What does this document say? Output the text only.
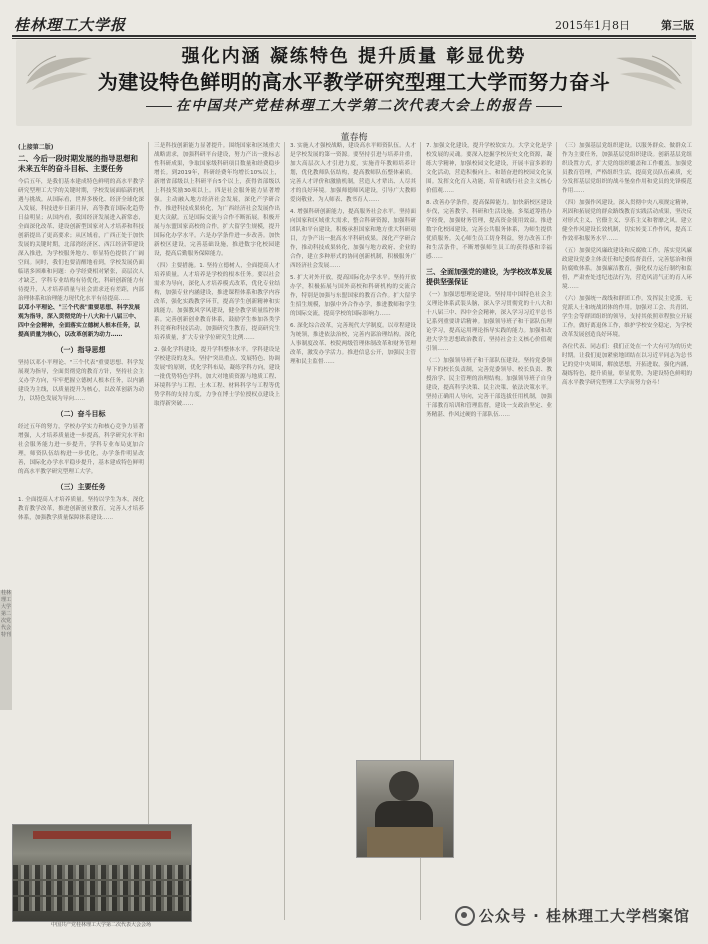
桂林理工大学报	2015年1月8日	第三版
强化内涵 凝练特色 提升质量 彰显优势
为建设特色鲜明的高水平教学研究型理工大学而努力奋斗
在中国共产党桂林理工大学第二次代表大会上的报告
董春梅
(上接第二版)
二、今后一段时期发展的指导思想和未来五年的奋斗目标、主要任务
今后五年，是我们基本建成特色鲜明的高水平教学研究型理工大学的关键时期，学校发展面临新的机遇与挑战。从国际看，世界多极化、经济全球化深入发展，科技进步日新月异，高等教育国际化趋势日益明显；从国内看，我国经济发展进入新常态，全面深化改革、建设创新型国家对人才培养和科技创新提出了更高要求；从区域看，广西正处于加快发展的关键时期，北部湾经济区、西江经济带建设深入推进，为学校服务地方、彰显特色提供了广阔空间。同时，我们也要清醒地看到，学校发展仍面临诸多困难和问题：办学经费相对紧张，高层次人才缺乏，学科专业结构有待优化，科研创新能力有待提升，人才培养质量与社会需求还有差距，内部治理体系和治理能力现代化水平有待提高……
以邓小平理论、"三个代表"重要思想、科学发展观为指导，深入贯彻党的十八大和十八届三中、四中全会精神，全面落实立德树人根本任务，以提高质量为核心，以改革创新为动力……
（一）指导思想
坚持以邓小平理论、"三个代表"重要思想、科学发展观为指导，全面贯彻党的教育方针，坚持社会主义办学方向，牢牢把握立德树人根本任务，以内涵建设为主线，以质量提升为核心，以改革创新为动力，以特色发展为导向……
（二）奋斗目标
经过五年的努力，学校办学实力和核心竞争力显著增强，人才培养质量进一步提高，科学研究水平和社会服务能力进一步提升，学科专业布局更加合理，师资队伍结构进一步优化，办学条件明显改善，国际化办学水平稳步提升，基本建成特色鲜明的高水平教学研究型理工大学。
（三）主要任务
1. 全面提高人才培养质量。坚持以学生为本，深化教育教学改革，推进创新创业教育，完善人才培养体系，加强教学质量保障体系建设……
桂林理工大学第二次党代会特刊
三是科技创新能力显著提升。围绕国家和区域重大战略需求，加强科研平台建设，努力产出一批标志性科研成果，争取国家级科研项目数量和经费稳步增长。到2019年，科研经费年均增长10%以上，新增省部级以上科研平台5个以上，获得省部级以上科技奖励30项以上。四是社会服务能力显著增强。主动融入地方经济社会发展，深化产学研合作，推进科技成果转化，为广西经济社会发展作出更大贡献。五是国际交流与合作不断拓展。积极开展与东盟国家高校的合作，扩大留学生规模，提升国际化办学水平。六是办学条件进一步改善。加快新校区建设，完善基础设施，推进数字化校园建设，提高后勤服务保障能力。
（四）主要措施。1. 坚持立德树人，全面提高人才培养质量。人才培养是学校的根本任务。要以社会需求为导向，深化人才培养模式改革，优化专业结构，加强专业内涵建设，推进课程体系和教学内容改革，强化实践教学环节，提高学生创新精神和实践能力。加强教风学风建设，健全教学质量监控体系。完善创新创业教育体系，鼓励学生参加各类学科竞赛和科技活动。加强研究生教育，提高研究生培养质量，扩大专业学位研究生比例……
2. 强化学科建设，提升学科整体水平。学科建设是学校建设的龙头。坚持"突出重点、发展特色、协调发展"的原则，优化学科布局，凝练学科方向，建设一批优势特色学科。加大对地质资源与地质工程、环境科学与工程、土木工程、材料科学与工程等优势学科的支持力度，力争在博士学位授权点建设上取得新突破……
中国共产党桂林理工大学第二次代表大会会场
3. 实施人才强校战略，建设高水平师资队伍。人才是学校发展的第一资源。要坚持引进与培养并重，加大高层次人才引进力度，实施青年教师培养计划，优化教师队伍结构，提高教师队伍整体素质。完善人才评价和激励机制，营造人才辈出、人尽其才的良好环境。加强师德师风建设，引导广大教师爱岗敬业、为人师表、教书育人……
4. 增强科研创新能力，提高服务社会水平。坚持面向国家和区域重大需求，整合科研资源，加强科研团队和平台建设。积极承担国家和地方重大科研项目，力争产出一批高水平科研成果。深化产学研合作，推动科技成果转化，加强与地方政府、企业的合作，建立多种形式的协同创新机制，积极服务广西经济社会发展……
5. 扩大对外开放，提高国际化办学水平。坚持开放办学，积极拓展与国外高校和科研机构的交流合作，特别是加强与东盟国家的教育合作。扩大留学生招生规模，加强中外合作办学，推进教师和学生的国际交流，提高学校的国际影响力……
6. 深化综合改革，完善现代大学制度。以章程建设为统领，推进依法治校，完善内部治理结构。深化人事制度改革、校院两级管理体制改革和财务管理改革，激发办学活力。推进信息公开，加强民主管理和民主监督……
7. 加强文化建设，提升学校软实力。大学文化是学校发展的灵魂。要深入挖掘学校历史文化资源，凝练大学精神，加强校园文化建设，开展丰富多彩的文化活动，营造积极向上、和谐奋进的校园文化氛围。发挥文化育人功能，培育和践行社会主义核心价值观……
8. 改善办学条件，提高保障能力。加快新校区建设步伐，完善教学、科研和生活设施。多渠道筹措办学经费，加强财务管理，提高资金使用效益。推进数字化校园建设，完善公共服务体系，为师生提供优质服务。关心师生员工切身利益，努力改善工作和生活条件，不断增强师生员工的获得感和幸福感……
三、全面加强党的建设，为学校改革发展提供坚强保证
（一）加强思想理论建设。坚持用中国特色社会主义理论体系武装头脑，深入学习贯彻党的十八大和十八届三中、四中全会精神，深入学习习近平总书记系列重要讲话精神。加强领导班子和干部队伍理论学习，提高运用理论指导实践的能力。加强和改进大学生思想政治教育，坚持社会主义核心价值观引领……
（二）加强领导班子和干部队伍建设。坚持党委领导下的校长负责制，完善党委领导、校长负责、教授治学、民主管理的治理结构。加强领导班子自身建设，提高科学决策、民主决策、依法决策水平。坚持正确用人导向，完善干部选拔任用机制，加强干部教育培训和管理监督，建设一支政治坚定、业务精湛、作风过硬的干部队伍……
（三）加强基层党组织建设。以服务群众、做群众工作为主要任务，加强基层党组织建设。创新基层党组织设置方式，扩大党的组织覆盖和工作覆盖。加强党员教育管理，严格组织生活，提高党员队伍素质，充分发挥基层党组织的战斗堡垒作用和党员的先锋模范作用……
（四）加强作风建设。深入贯彻中央八项规定精神，巩固和拓展党的群众路线教育实践活动成果，坚决反对形式主义、官僚主义、享乐主义和奢靡之风。建立健全作风建设长效机制，切实转变工作作风，提高工作效率和服务水平……
（五）加强党风廉政建设和反腐败工作。落实党风廉政建设党委主体责任和纪委监督责任，完善惩治和预防腐败体系。加强廉洁教育，强化权力运行制约和监督，严肃查处违纪违法行为，营造风清气正的育人环境……
（六）加强统一战线和群团工作。发挥民主党派、无党派人士和统战团体的作用。加强对工会、共青团、学生会等群团组织的领导，支持其依照章程独立开展工作。做好离退休工作，维护学校安全稳定，为学校改革发展创造良好环境。
各位代表、同志们：我们正处在一个大有可为的历史时期。让我们更加紧密地团结在以习近平同志为总书记的党中央周围，解放思想，开拓进取，强化内涵，凝练特色，提升质量，彰显优势，为建设特色鲜明的高水平教学研究型理工大学而努力奋斗！
公众号 · 桂林理工大学档案馆
